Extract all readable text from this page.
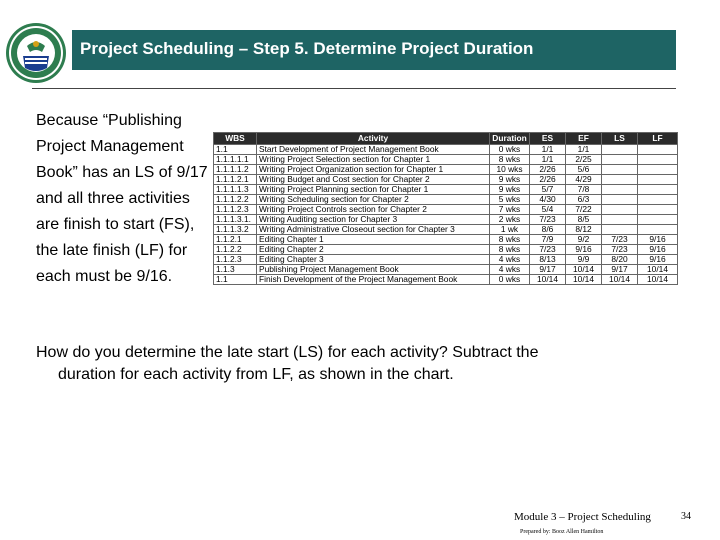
Project Scheduling – Step 5. Determine Project Duration
Because “Publishing Project Management Book” has an LS of 9/17 and all three activities are finish to start (FS), the late finish (LF) for each must be 9/16.
WBS	Activity	Duration	ES	EF	LS	LF
1.1	Start Development of Project Management Book	0 wks	1/1	1/1		
1.1.1.1.1	Writing Project Selection section for Chapter 1	8 wks	1/1	2/25		
1.1.1.1.2	Writing Project Organization section for Chapter 1	10 wks	2/26	5/6		
1.1.1.2.1	Writing Budget and Cost section for Chapter 2	9 wks	2/26	4/29		
1.1.1.1.3	Writing Project Planning section for Chapter 1	9 wks	5/7	7/8		
1.1.1.2.2	Writing Scheduling section for Chapter 2	5 wks	4/30	6/3		
1.1.1.2.3	Writing Project Controls section for Chapter 2	7 wks	5/4	7/22		
1.1.1.3.1.	Writing Auditing section for Chapter 3	2 wks	7/23	8/5		
1.1.1.3.2	Writing Administrative Closeout section for Chapter 3	1 wk	8/6	8/12		
1.1.2.1	Editing Chapter 1	8 wks	7/9	9/2	7/23	9/16
1.1.2.2	Editing Chapter 2	8 wks	7/23	9/16	7/23	9/16
1.1.2.3	Editing Chapter 3	4 wks	8/13	9/9	8/20	9/16
1.1.3	Publishing Project Management Book	4 wks	9/17	10/14	9/17	10/14
1.1	Finish Development of the Project Management Book	0 wks	10/14	10/14	10/14	10/14
How do you determine the late start (LS) for each activity? Subtract the
duration for each activity from LF, as shown in the chart.
Module 3 – Project Scheduling	34
Prepared by: Booz Allen Hamilton
